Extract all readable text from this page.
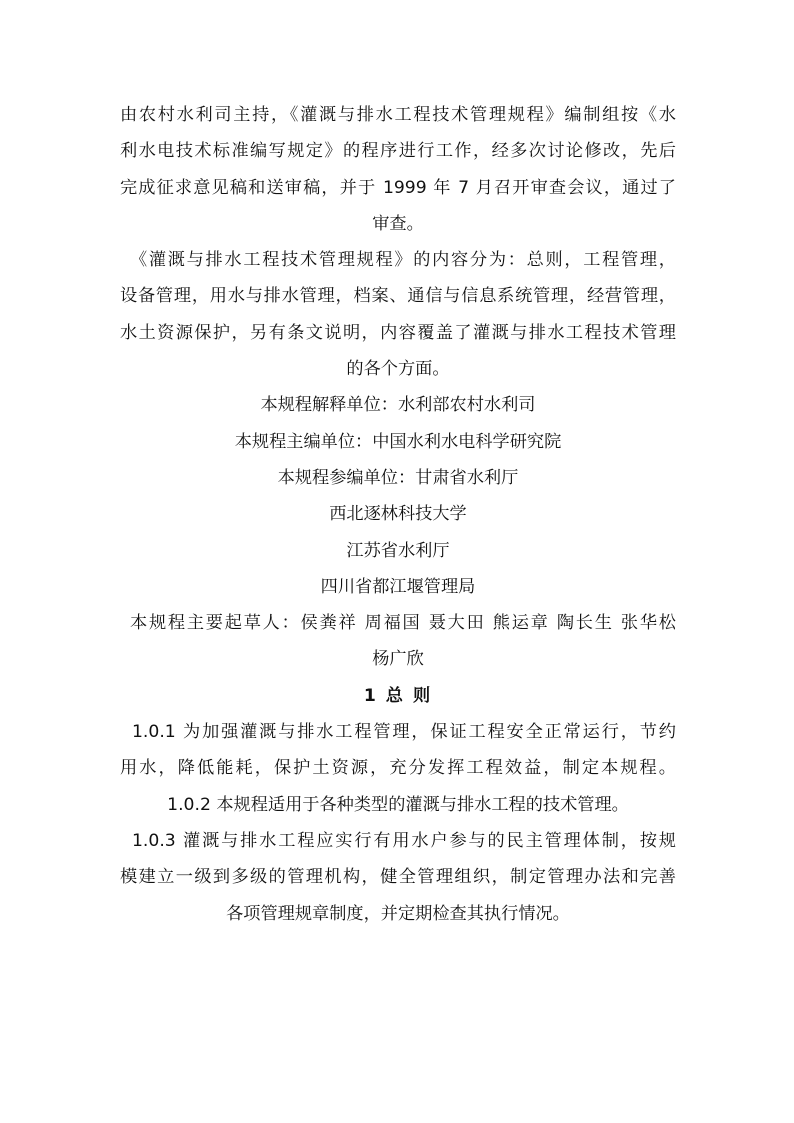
由农村水利司主持，《灌溉与排水工程技术管理规程》编制组按《水
利水电技术标准编写规定》的程序进行工作，经多次讨论修改，先后
完成征求意见稿和送审稿，并于 1999 年 7 月召开审查会议，通过了
审查。
《灌溉与排水工程技术管理规程》的内容分为：总则，工程管理，
设备管理，用水与排水管理，档案、通信与信息系统管理，经营管理，
水土资源保护，另有条文说明，内容覆盖了灌溉与排水工程技术管理
的各个方面。
本规程解释单位：水利部农村水利司
本规程主编单位：中国水利水电科学研究院
本规程参编单位：甘肃省水利厅
西北逐林科技大学
江苏省水利厅
四川省都江堰管理局
本规程主要起草人：侯粪祥 周福国 聂大田 熊运章 陶长生 张华松
杨广欣
1 总 则
1.0.1 为加强灌溉与排水工程管理，保证工程安全正常运行，节约
用水，降低能耗，保护土资源，充分发挥工程效益，制定本规程。
1.0.2 本规程适用于各种类型的灌溉与排水工程的技术管理。
1.0.3 灌溉与排水工程应实行有用水户参与的民主管理体制，按规
模建立一级到多级的管理机构，健全管理组织，制定管理办法和完善
各项管理规章制度，并定期检查其执行情况。
